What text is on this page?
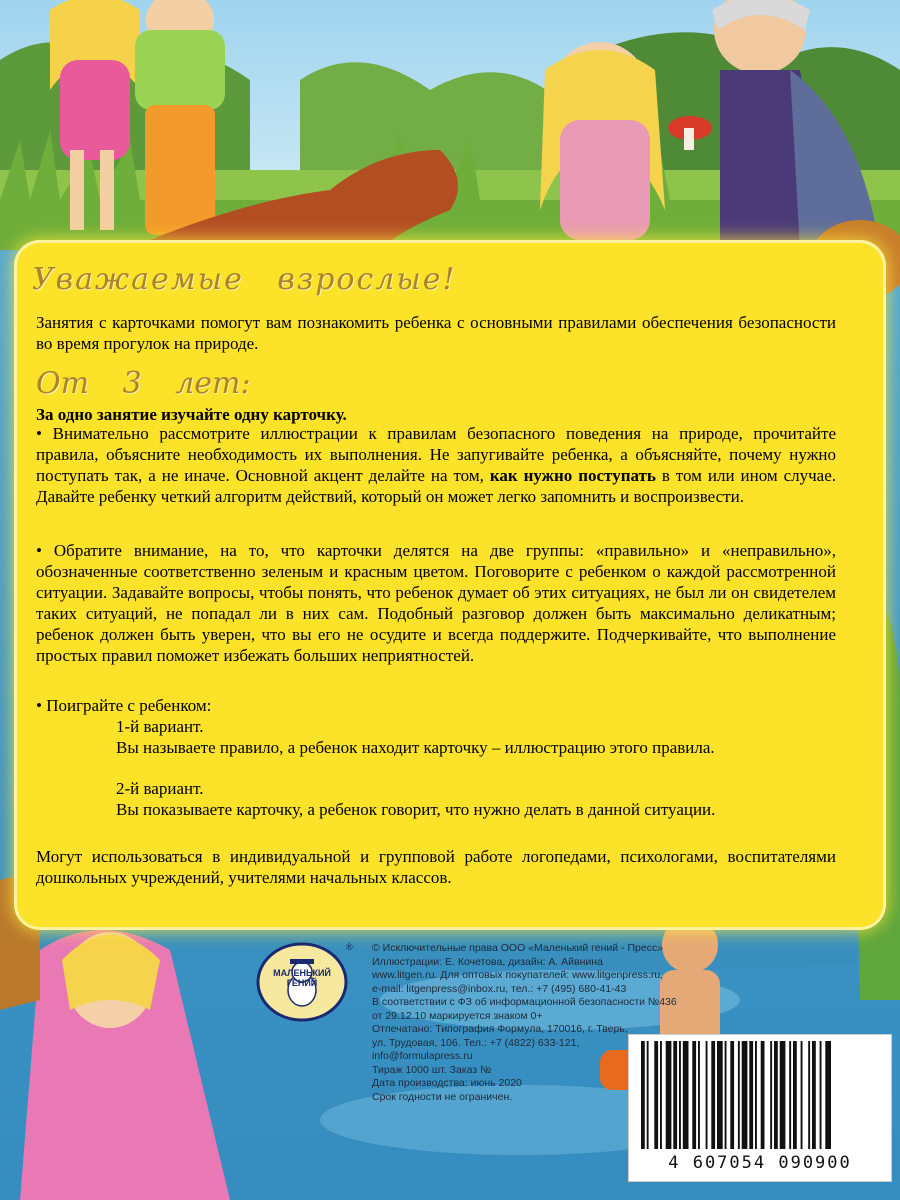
Уважаемые взрослые!
Занятия с карточками помогут вам познакомить ребенка с основными правилами обеспечения безопасности во время прогулок на природе.
От 3 лет:
За одно занятие изучайте одну карточку.
• Внимательно рассмотрите иллюстрации к правилам безопасного поведения на природе, прочитайте правила, объясните необходимость их выполнения. Не запугивайте ребенка, а объясняйте, почему нужно поступать так, а не иначе. Основной акцент делайте на том, как нужно поступать в том или ином случае. Давайте ребенку четкий алгоритм действий, который он может легко запомнить и воспроизвести.
• Обратите внимание, на то, что карточки делятся на две группы: «правильно» и «неправильно», обозначенные соответственно зеленым и красным цветом. Поговорите с ребенком о каждой рассмотренной ситуации. Задавайте вопросы, чтобы понять, что ребенок думает об этих ситуациях, не был ли он свидетелем таких ситуаций, не попадал ли в них сам. Подобный разговор должен быть максимально деликатным; ребенок должен быть уверен, что вы его не осудите и всегда поддержите. Подчеркивайте, что выполнение простых правил поможет избежать больших неприятностей.
• Поиграйте с ребенком:
1-й вариант.
Вы называете правило, а ребенок находит карточку – иллюстрацию этого правила.
2-й вариант.
Вы показываете карточку, а ребенок говорит, что нужно делать в данной ситуации.
Могут использоваться в индивидуальной и групповой работе логопедами, психологами, воспитателями дошкольных учреждений, учителями начальных классов.
®
МАЛЕНЬКИЙ ГЕНИЙ
© Исключительные права ООО «Маленький гений - Пресс»
Иллюстрации: Е. Кочетова, дизайн: А. Айвнина
www.litgen.ru. Для оптовых покупателей: www.litgenpress.ru,
e-mail: litgenpress@inbox.ru, тел.: +7 (495) 680-41-43
В соответствии с ФЗ об информационной безопасности №436
от 29.12.10 маркируется знаком 0+
Отпечатано: Типография Формула, 170016, г. Тверь,
ул. Трудовая, 106. Тел.: +7 (4822) 633-121,
info@formulapress.ru
Тираж 1000 шт. Заказ №
Дата производства: июнь 2020
Срок годности не ограничен.
4 607054 090900
